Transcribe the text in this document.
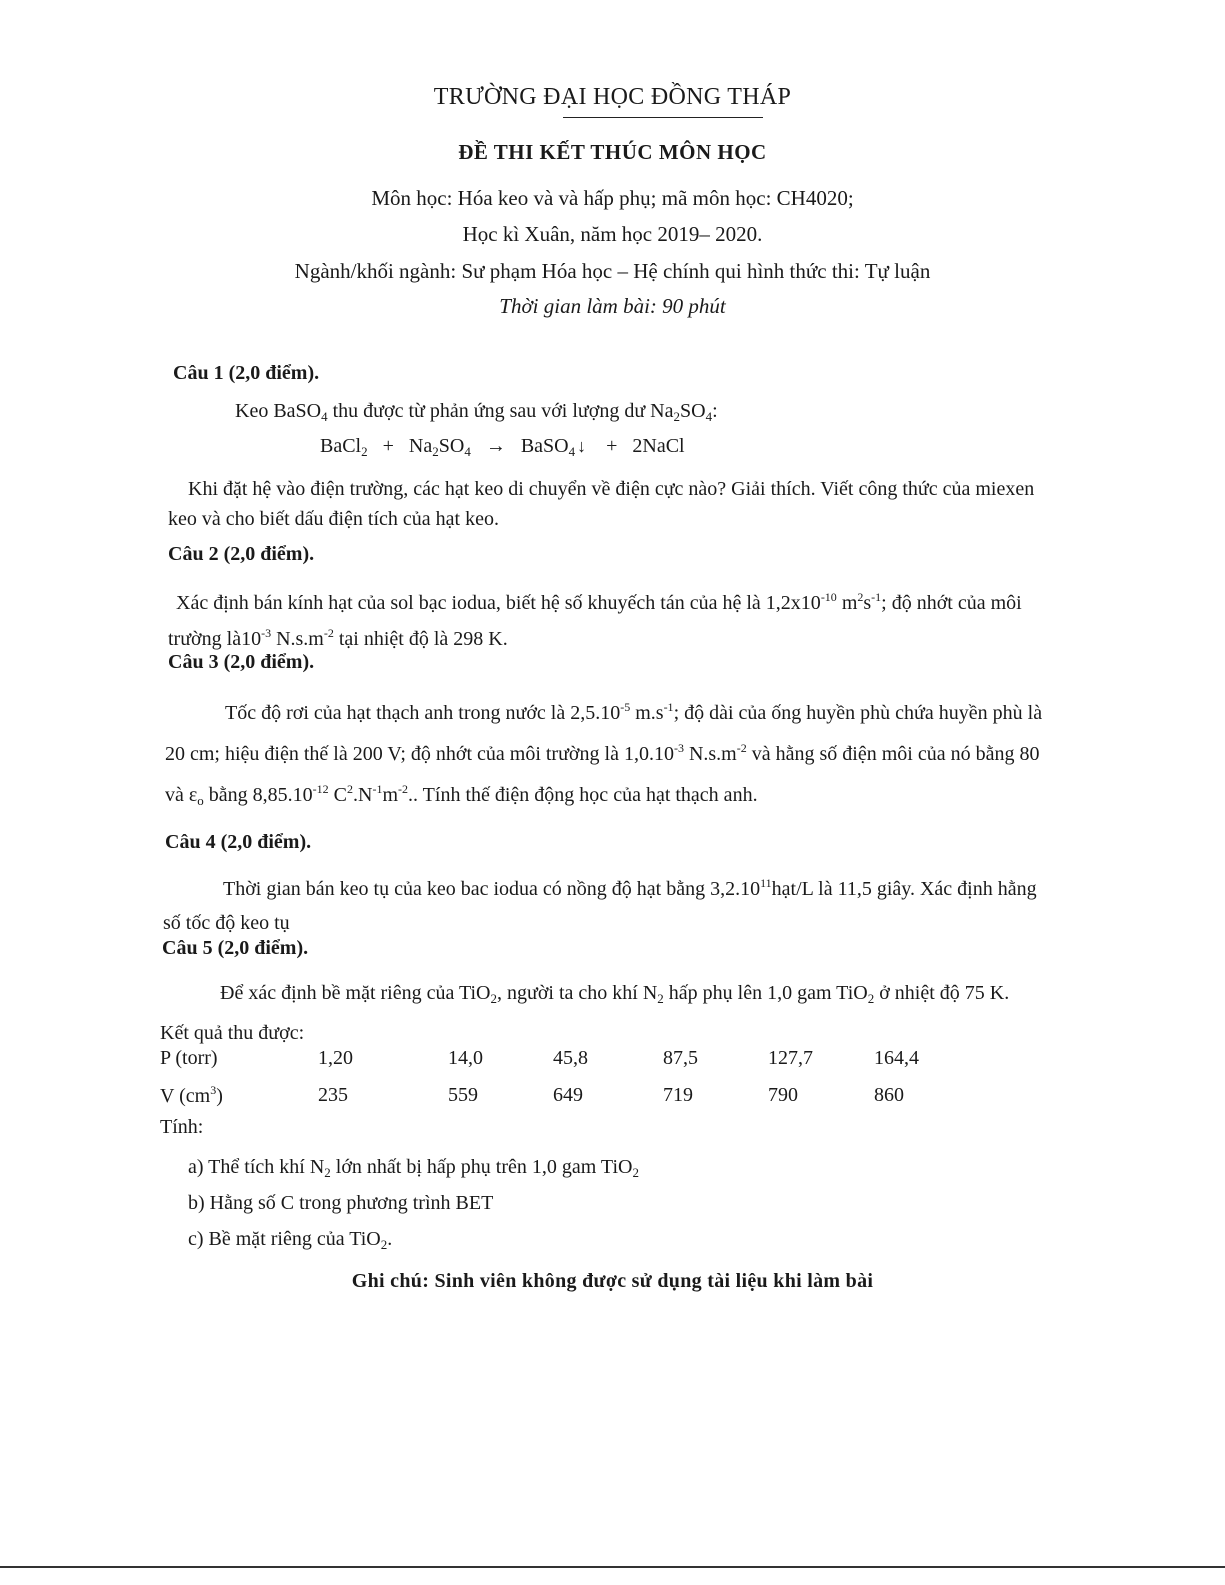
TRƯỜNG ĐẠI HỌC ĐỒNG THÁP
ĐỀ THI KẾT THÚC MÔN HỌC
Môn học: Hóa keo và và hấp phụ; mã môn học: CH4020;
Học kì Xuân, năm học 2019– 2020.
Ngành/khối ngành: Sư phạm Hóa học – Hệ chính qui hình thức thi: Tự luận
Thời gian làm bài: 90 phút
Câu 1 (2,0 điểm).
Keo BaSO$_4$ thu được từ phản ứng sau với lượng dư $Na_2SO_4$:
BaCl$_2$ + $Na_2SO_4$ → BaSO$_4$ ↓ + 2NaCl
Khi đặt hệ vào điện trường, các hạt keo di chuyển về điện cực nào? Giải thích. Viết công thức của miexen keo và cho biết dấu điện tích của hạt keo.
Câu 2 (2,0 điểm).
Xác định bán kính hạt của sol bạc iodua, biết hệ số khuyếch tán của hệ là $1,2x10^{-10}$ $m^2s^{-1}$; độ nhớt của môi trường $là10^{-3}$ $N.s.m^{-2}$ tại nhiệt độ là 298 K.
Câu 3 (2,0 điểm).
Tốc độ rơi của hạt thạch anh trong nước là $2,5.10^{-5}$ $m.s^{-1}$; độ dài của ống huyền phù chứa huyền phù là 20 cm; hiệu điện thế là 200 V; độ nhớt của môi trường là $1,0.10^{-3}$ $N.s.m^{-2}$ và hằng số điện môi của nó bằng 80 và $\varepsilon_o$ bằng $8,85.10^{-12}$ $C^2.N^{-1}m^{-2}$.. Tính thế điện động học của hạt thạch anh.
Câu 4 (2,0 điểm).
Thời gian bán keo tụ của keo bac iodua có nồng độ hạt bằng 3,2.10$^{11}$hạt/L là 11,5 giây. Xác định hằng số tốc độ keo tụ
Câu 5 (2,0 điểm).
Để xác định bề mặt riêng của TiO$_2$, người ta cho khí $N_2$ hấp phụ lên 1,0 gam TiO$_2$ ở nhiệt độ 75 K. Kết quả thu được:
P (torr)	1,20	14,0	45,8	87,5	127,7	164,4
V $(cm^3)$	235	559	649	719	790	860
Tính:
a) Thể tích khí $N_2$ lớn nhất bị hấp phụ trên 1,0 gam TiO$_2$
b) Hằng số C trong phương trình BET
c) Bề mặt riêng của TiO$_2$.
Ghi chú: Sinh viên không được sử dụng tài liệu khi làm bài
